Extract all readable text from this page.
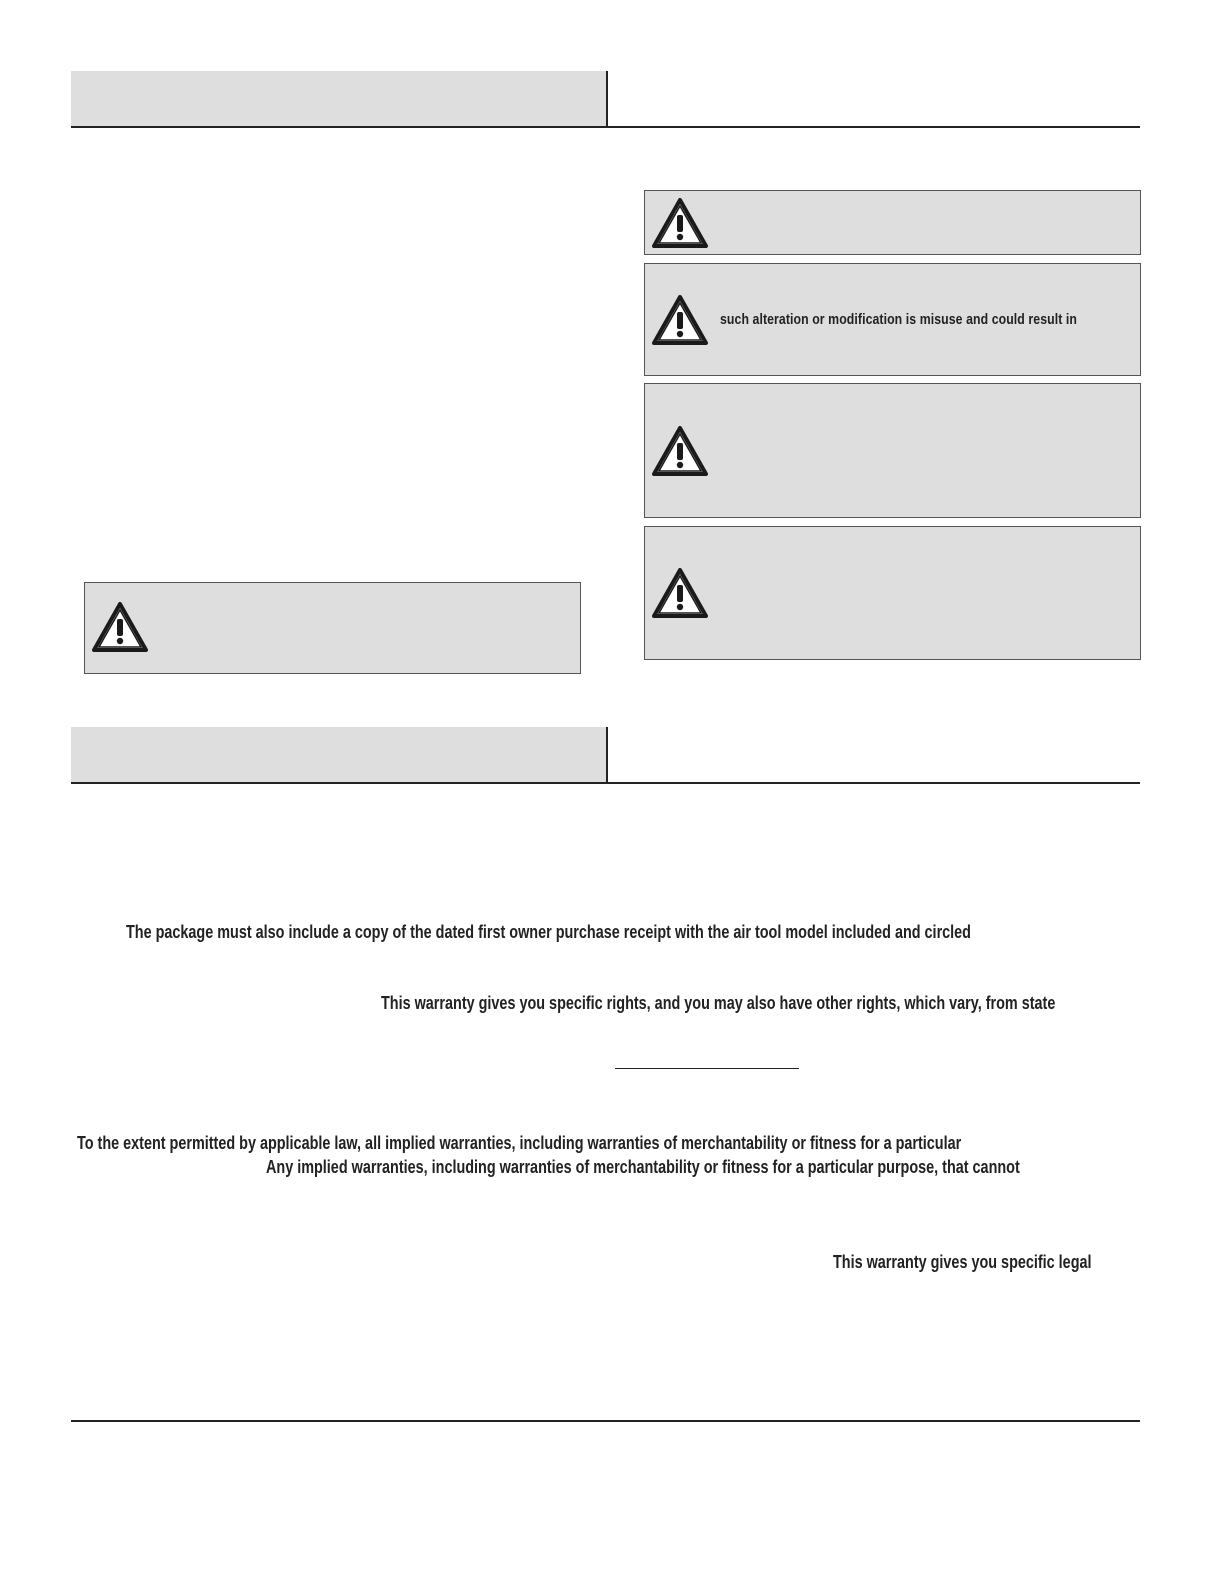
such alteration or modification is misuse and could result in
The package must also include a copy of the dated first owner purchase receipt with the air tool model included and circled
This warranty gives you specific rights, and you may also have other rights, which vary, from state
To the extent permitted by applicable law, all implied warranties, including warranties of merchantability or fitness for a particular
Any implied warranties, including warranties of merchantability or fitness for a particular purpose, that cannot
This warranty gives you specific legal
